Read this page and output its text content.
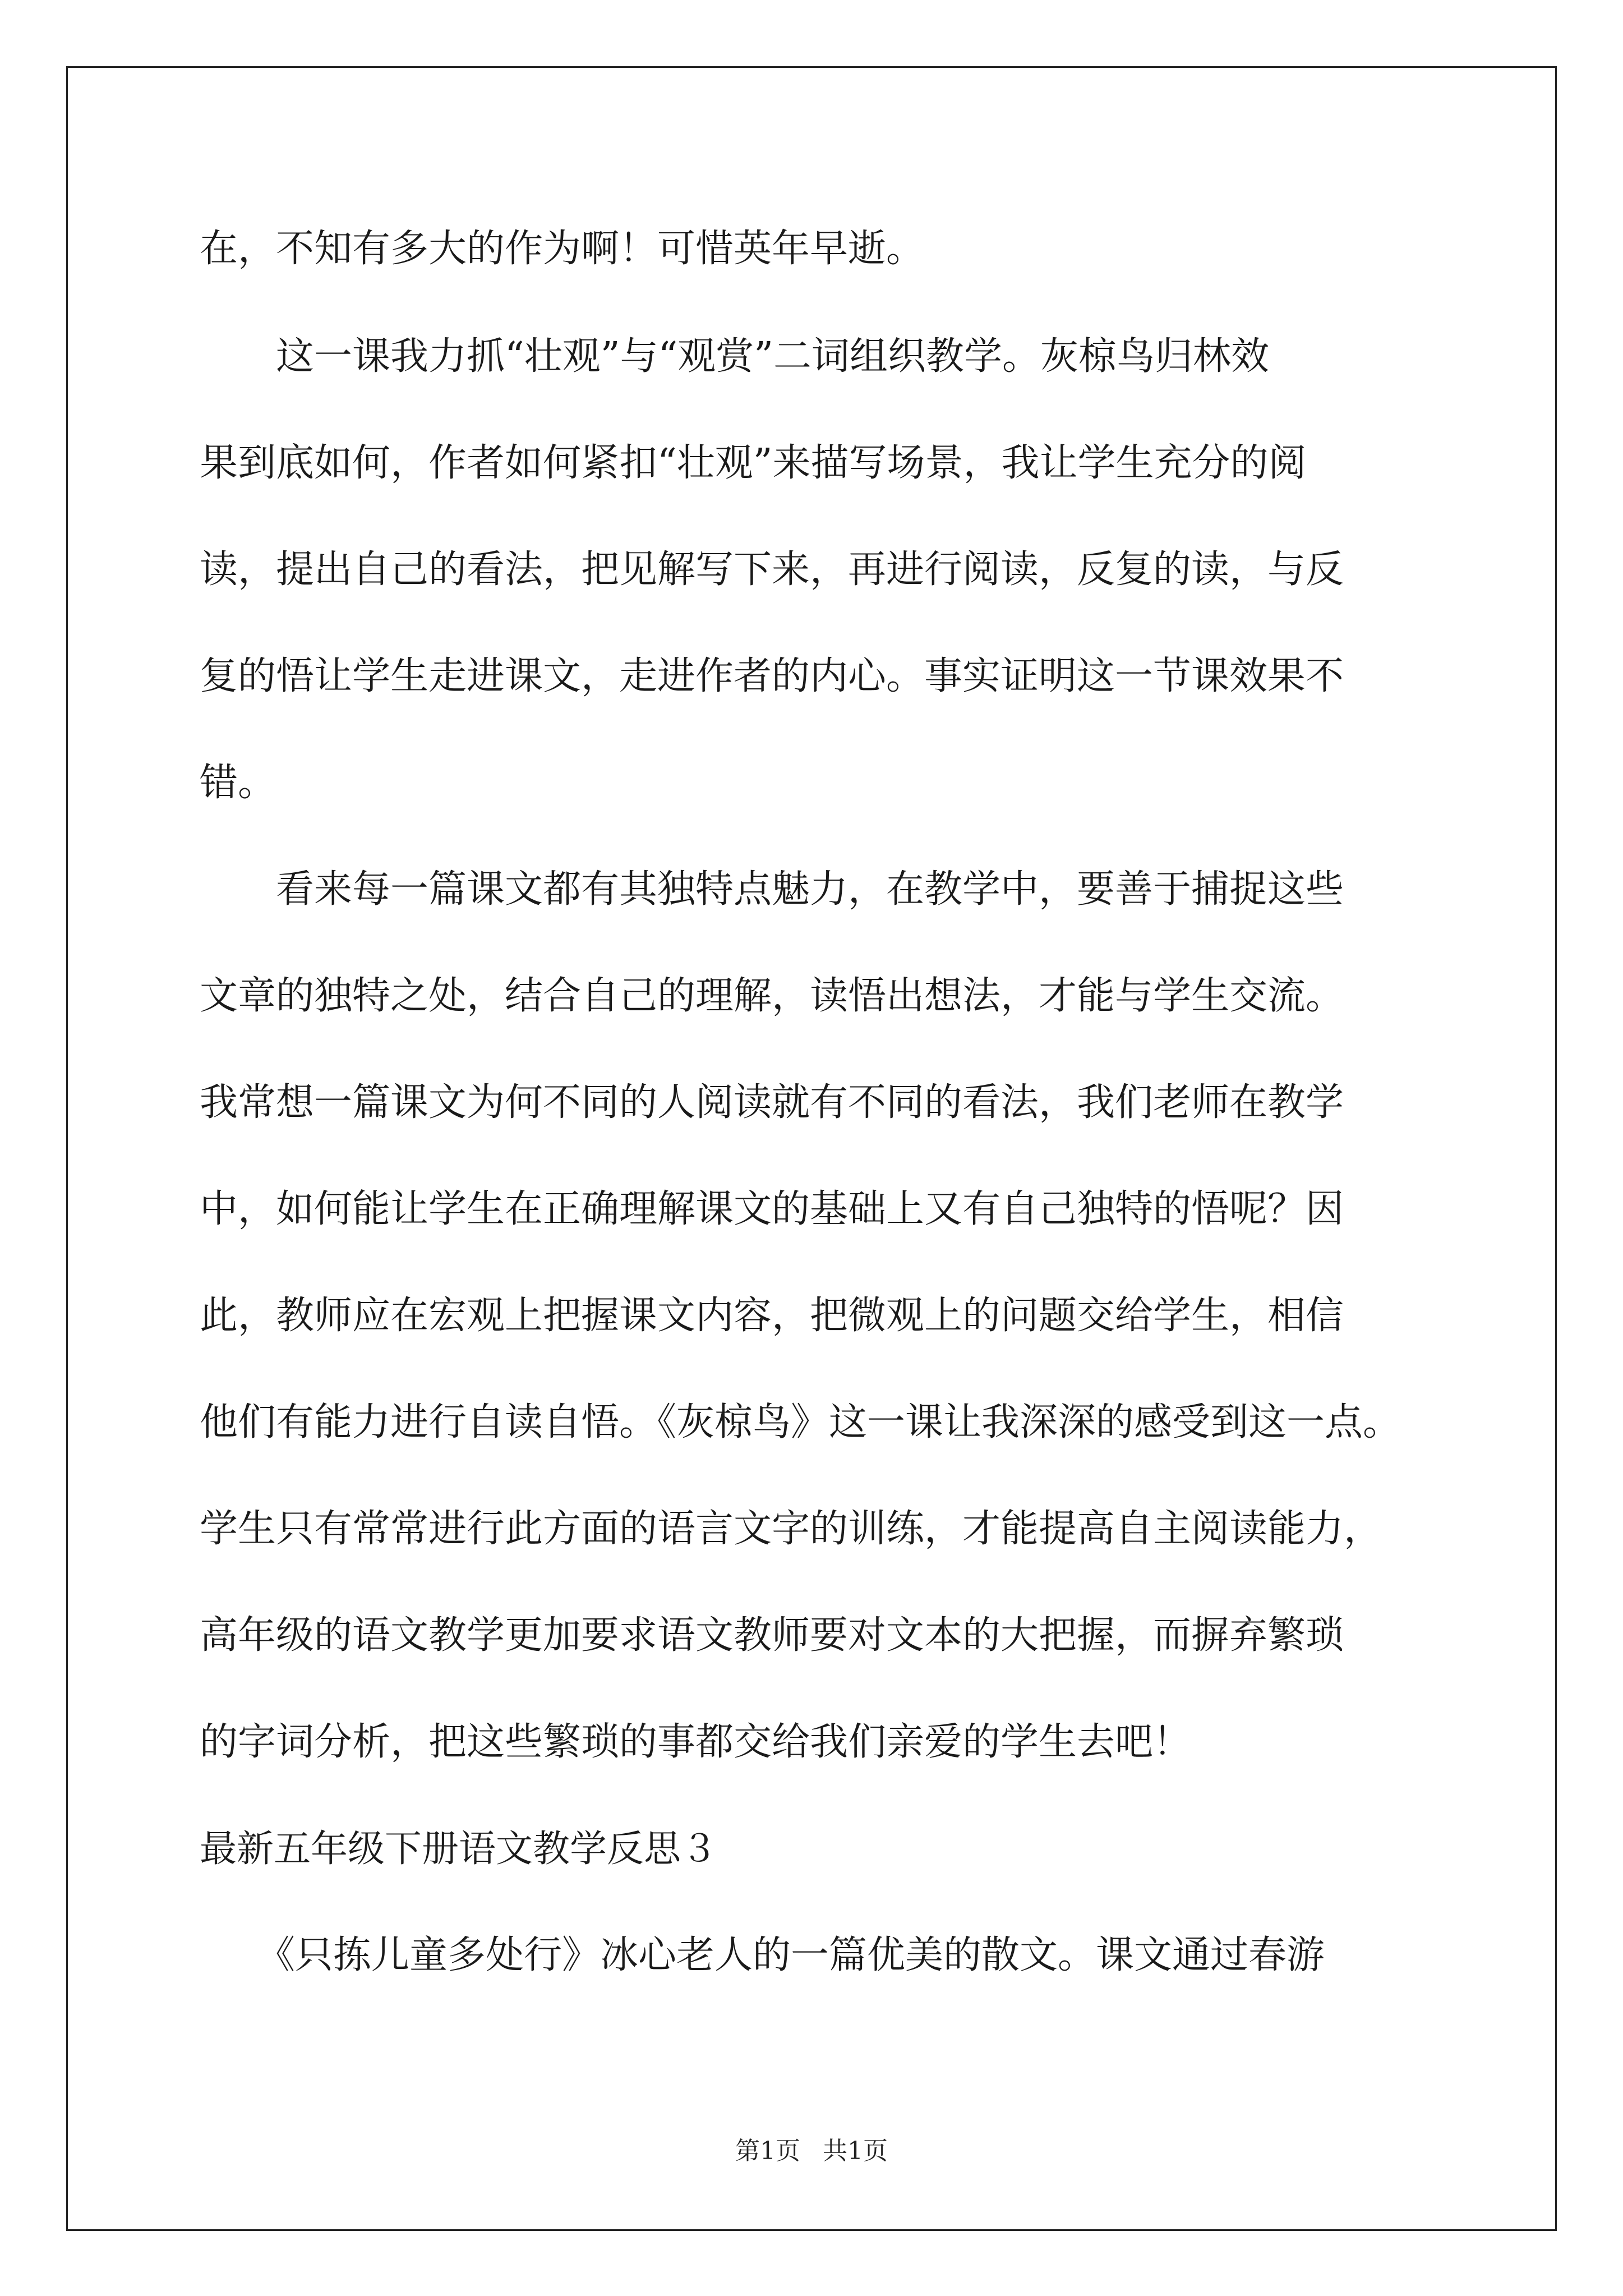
在，不知有多大的作为啊！可惜英年早逝。
　　这一课我力抓“壮观”与“观赏”二词组织教学。灰椋鸟归林效
果到底如何，作者如何紧扣“壮观”来描写场景，我让学生充分的阅
读，提出自己的看法，把见解写下来，再进行阅读，反复的读，与反
复的悟让学生走进课文，走进作者的内心。事实证明这一节课效果不
错。
　　看来每一篇课文都有其独特点魅力，在教学中，要善于捕捉这些
文章的独特之处，结合自己的理解，读悟出想法，才能与学生交流。
我常想一篇课文为何不同的人阅读就有不同的看法，我们老师在教学
中，如何能让学生在正确理解课文的基础上又有自己独特的悟呢？因
此，教师应在宏观上把握课文内容，把微观上的问题交给学生，相信
他们有能力进行自读自悟。《灰椋鸟》这一课让我深深的感受到这一点。
学生只有常常进行此方面的语言文字的训练，才能提高自主阅读能力，
高年级的语文教学更加要求语文教师要对文本的大把握，而摒弃繁琐
的字词分析，把这些繁琐的事都交给我们亲爱的学生去吧！
最新五年级下册语文教学反思３
　　《只拣儿童多处行》冰心老人的一篇优美的散文。课文通过春游
第1页 共1页
